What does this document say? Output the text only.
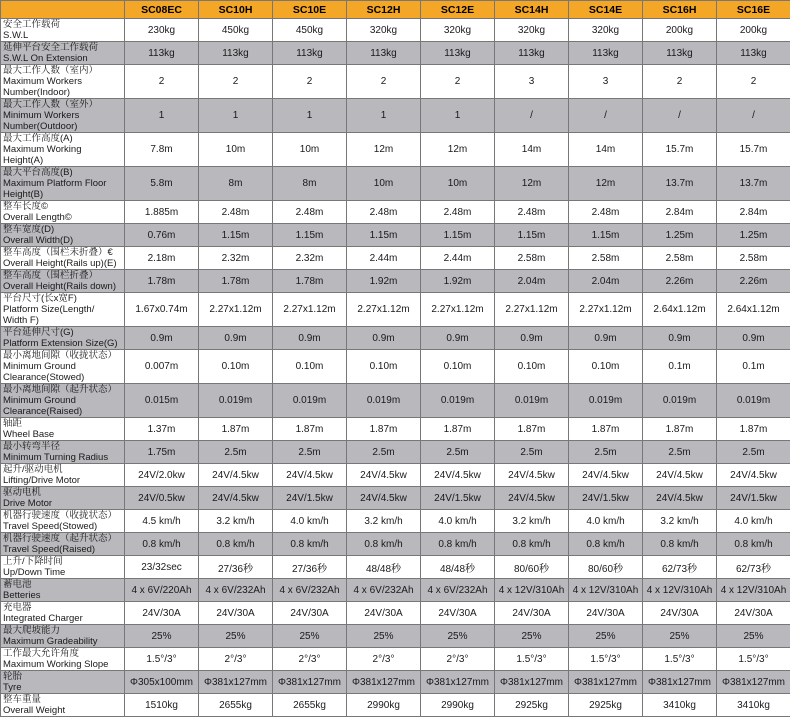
	SC08EC	SC10H	SC10E	SC12H	SC12E	SC14H	SC14E	SC16H	SC16E

安全工作载荷
S.W.L	230kg	450kg	450kg	320kg	320kg	320kg	320kg	200kg	200kg

延伸平台安全工作载荷
S.W.L On Extension	113kg	113kg	113kg	113kg	113kg	113kg	113kg	113kg	113kg

最大工作人数（室内）
Maximum Workers
Number(Indoor)	2	2	2	2	2	3	3	2	2

最大工作人数（室外）
Minimum Workers
Number(Outdoor)	1	1	1	1	1	/	/	/	/

最大工作高度(A)
Maximum Working
Height(A)	7.8m	10m	10m	12m	12m	14m	14m	15.7m	15.7m

最大平台高度(B)
Maximum Platform Floor
Height(B)	5.8m	8m	8m	10m	10m	12m	12m	13.7m	13.7m

整车长度©
Overall Length©	1.885m	2.48m	2.48m	2.48m	2.48m	2.48m	2.48m	2.84m	2.84m

整车宽度(D)
Overall Width(D)	0.76m	1.15m	1.15m	1.15m	1.15m	1.15m	1.15m	1.25m	1.25m

整车高度（围栏未折叠）€
Overall Height(Rails up)(E)	2.18m	2.32m	2.32m	2.44m	2.44m	2.58m	2.58m	2.58m	2.58m

整车高度（围栏折叠）
Overall Height(Rails down)	1.78m	1.78m	1.78m	1.92m	1.92m	2.04m	2.04m	2.26m	2.26m

平台尺寸(长x宽F)
Platform Size(Length/
Width F)	1.67x0.74m	2.27x1.12m	2.27x1.12m	2.27x1.12m	2.27x1.12m	2.27x1.12m	2.27x1.12m	2.64x1.12m	2.64x1.12m

平台延伸尺寸(G)
Platform Extension Size(G)	0.9m	0.9m	0.9m	0.9m	0.9m	0.9m	0.9m	0.9m	0.9m

最小离地间隙（收拢状态）
Minimum Ground
Clearance(Stowed)	0.007m	0.10m	0.10m	0.10m	0.10m	0.10m	0.10m	0.1m	0.1m

最小离地间隙（起升状态）
Minimum Ground
Clearance(Raised)	0.015m	0.019m	0.019m	0.019m	0.019m	0.019m	0.019m	0.019m	0.019m

轴距
Wheel Base	1.37m	1.87m	1.87m	1.87m	1.87m	1.87m	1.87m	1.87m	1.87m

最小转弯半径
Minimum Turning Radius	1.75m	2.5m	2.5m	2.5m	2.5m	2.5m	2.5m	2.5m	2.5m

起升/驱动电机
Lifting/Drive Motor	24V/2.0kw	24V/4.5kw	24V/4.5kw	24V/4.5kw	24V/4.5kw	24V/4.5kw	24V/4.5kw	24V/4.5kw	24V/4.5kw

驱动电机
Drive Motor	24V/0.5kw	24V/4.5kw	24V/1.5kw	24V/4.5kw	24V/1.5kw	24V/4.5kw	24V/1.5kw	24V/4.5kw	24V/1.5kw

机器行驶速度（收拢状态）
Travel Speed(Stowed)	4.5 km/h	3.2 km/h	4.0 km/h	3.2 km/h	4.0 km/h	3.2 km/h	4.0 km/h	3.2 km/h	4.0 km/h

机器行驶速度（起升状态）
Travel Speed(Raised)	0.8 km/h	0.8 km/h	0.8 km/h	0.8 km/h	0.8 km/h	0.8 km/h	0.8 km/h	0.8 km/h	0.8 km/h

上升/下降时间
Up/Down Time	23/32sec	27/36秒	27/36秒	48/48秒	48/48秒	80/60秒	80/60秒	62/73秒	62/73秒

蓄电池
Betteries	4 x 6V/220Ah	4 x 6V/232Ah	4 x 6V/232Ah	4 x 6V/232Ah	4 x 6V/232Ah	4 x 12V/310Ah	4 x 12V/310Ah	4 x 12V/310Ah	4 x 12V/310Ah

充电器
Integrated Charger	24V/30A	24V/30A	24V/30A	24V/30A	24V/30A	24V/30A	24V/30A	24V/30A	24V/30A

最大爬坡能力
Maximum Gradeability	25%	25%	25%	25%	25%	25%	25%	25%	25%

工作最大允许角度
Maximum Working Slope	1.5°/3°	2°/3°	2°/3°	2°/3°	2°/3°	1.5°/3°	1.5°/3°	1.5°/3°	1.5°/3°

轮胎
Tyre	Φ305x100mm	Φ381x127mm	Φ381x127mm	Φ381x127mm	Φ381x127mm	Φ381x127mm	Φ381x127mm	Φ381x127mm	Φ381x127mm

整车重量
Overall Weight	1510kg	2655kg	2655kg	2990kg	2990kg	2925kg	2925kg	3410kg	3410kg
